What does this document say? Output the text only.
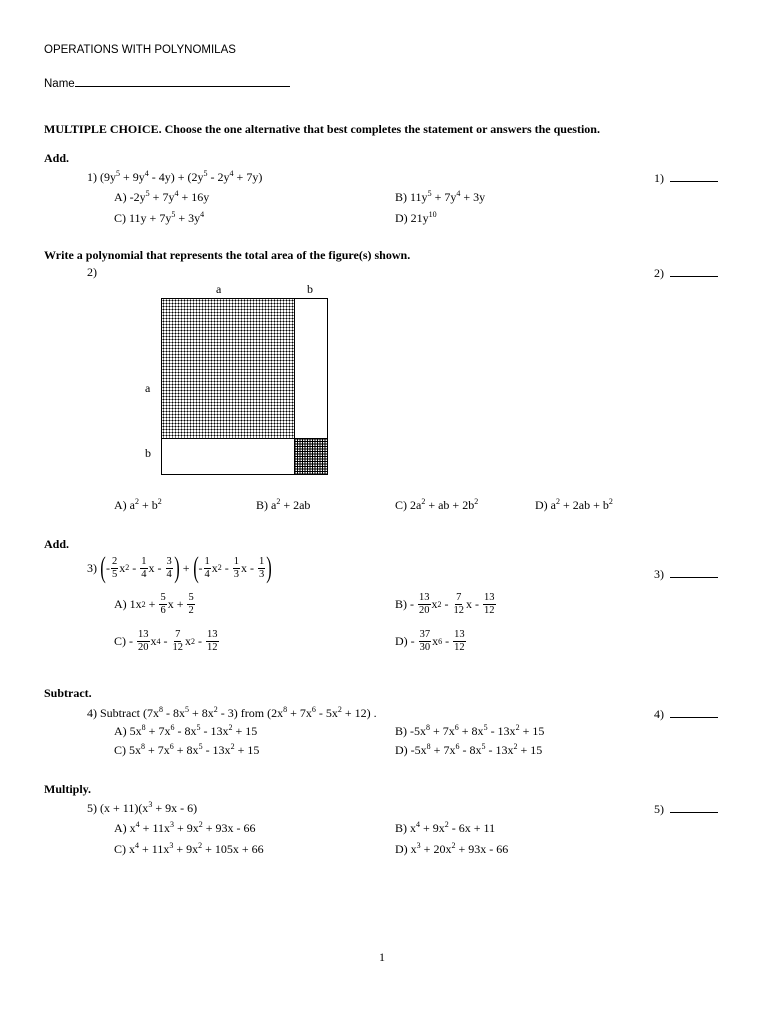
OPERATIONS WITH POLYNOMILAS
Name
MULTIPLE CHOICE. Choose the one alternative that best completes the statement or answers the question.
Add.
1) $(9y^5 + 9y^4 - 4y) + (2y^5 - 2y^4 + 7y)$	1)
A) $-2y^5 + 7y^4 + 16y$	B) $11y^5 + 7y^4 + 3y$
C) $11y + 7y^5 + 3y^4$	D) $21y^{10}$
Write a polynomial that represents the total area of the figure(s) shown.
2)	2)
a	b
a
b
A) $a^2 + b^2$	B) $a^2 + 2ab$	C) $2a^2$ + ab + $2b^2$	D) $a^2 + 2ab + b^2$
Add.
3)
( - $\frac{2}{5}$ x $2 - \frac{1}{4}$ x - $\frac{3}{4}$ ) + ( - $\frac{1}{4}$ x $2 - \frac{1}{3}$ x - $\frac{1}{3}$ )	3)
A) 1x $2 + \frac{5}{6}$ $x + \frac{5}{2}$	$B) - \frac{13}{20}$ x $2 - \frac{7}{12}$ x - $\frac{13}{12}$
$C) - \frac{13}{20}$ x $4 - \frac{7}{12}$ x $2 - \frac{13}{12}$	$D) - \frac{37}{30}$ x $6 - \frac{13}{12}$
Subtract.
4) Subtract $(7x^8 - 8x^5 + 8x^2 - 3)$ from $(2x^8 + 7x^6 - 5x^2 + 12)$ .	4)
A) $5x^8 + 7x^6 - 8x^5 - 13x^2 + 15$	B) $-5x^8 + 7x^6 + 8x^5 - 13x^2 + 15$
C) $5x^8 + 7x^6 + 8x^5 - 13x^2 + 15$	D) $-5x^8 + 7x^6 - 8x^5 - 13x^2 + 15$
Multiply.
5) $(x + 11)(x^3 + 9x - 6)$	5)
A) $x^4 + 11x^3 + 9x^2 + 93x - 66$	B) $x^4 + 9x^2 - 6x + 11$
C) $x^4 + 11x^3 + 9x^2 + 105x + 66$	D) $x^3 + 20x^2 + 93x - 66$
1
